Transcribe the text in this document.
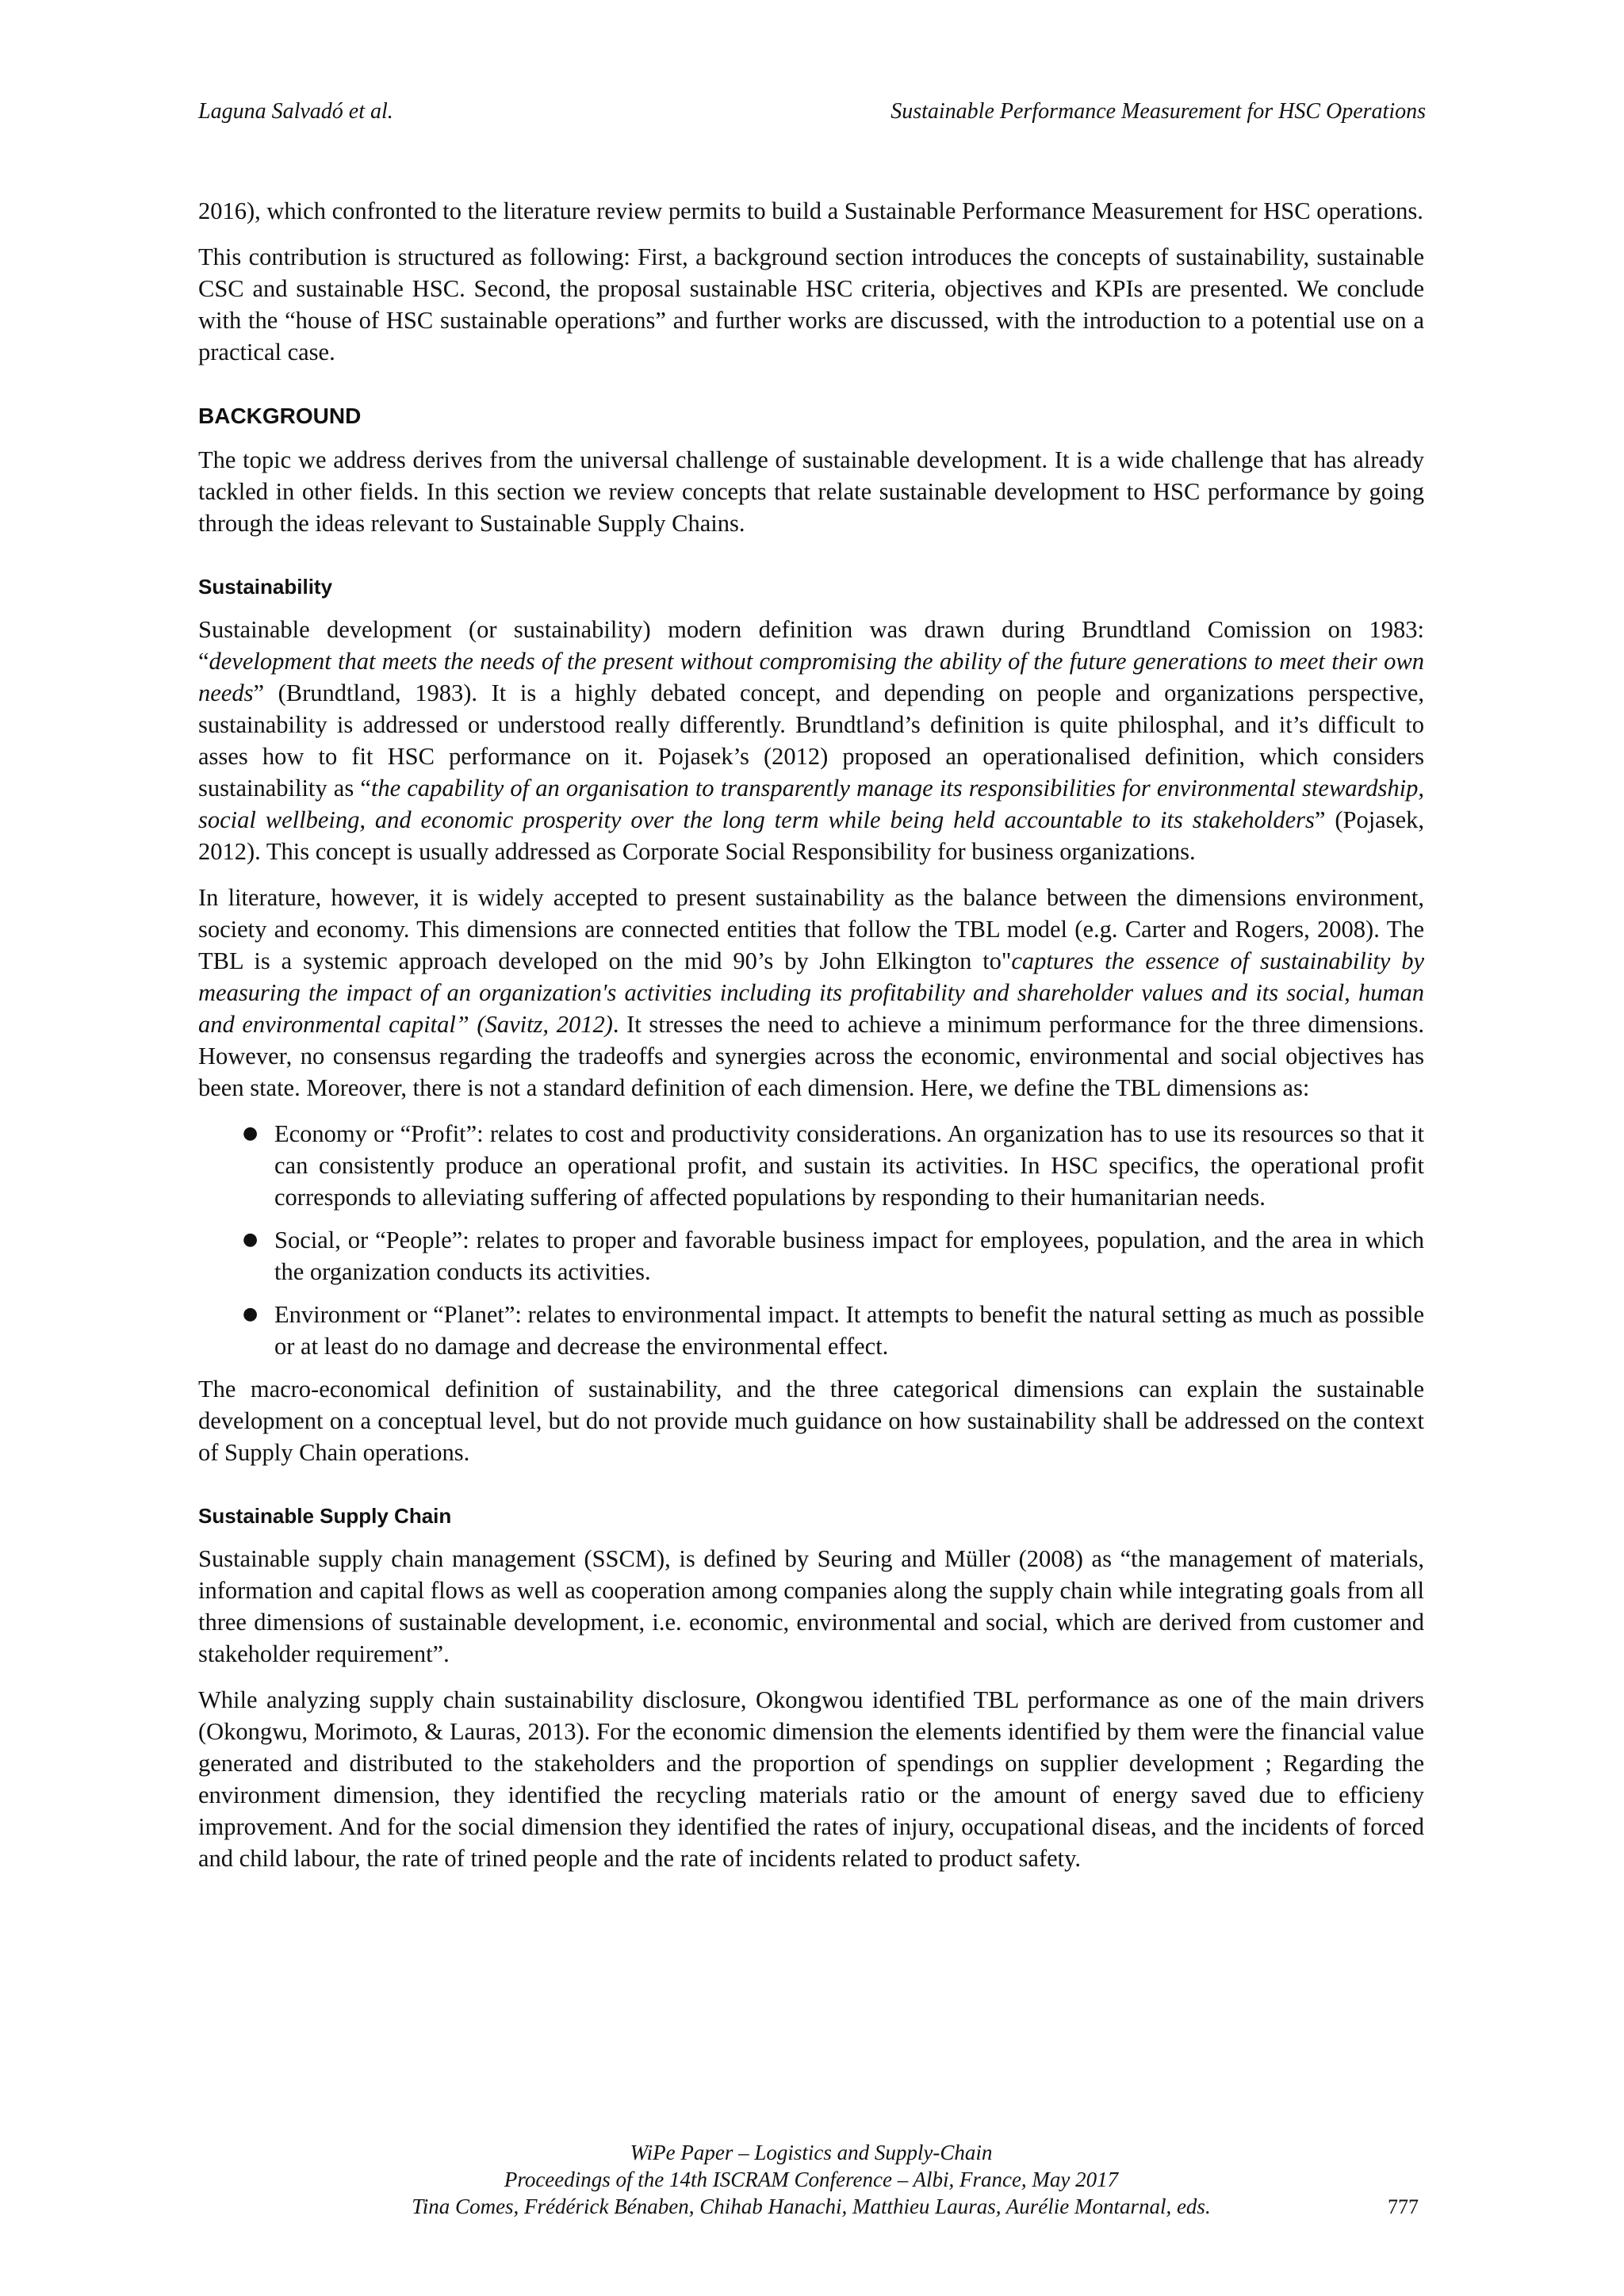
Laguna Salvadó et al.	Sustainable Performance Measurement for HSC Operations

2016), which confronted to the literature review permits to build a Sustainable Performance Measurement for HSC operations.

This contribution is structured as following: First, a background section introduces the concepts of sustainability, sustainable CSC and sustainable HSC. Second, the proposal sustainable HSC criteria, objectives and KPIs are presented. We conclude with the “house of HSC sustainable operations” and further works are discussed, with the introduction to a potential use on a practical case.

BACKGROUND

The topic we address derives from the universal challenge of sustainable development. It is a wide challenge that has already tackled in other fields. In this section we review concepts that relate sustainable development to HSC performance by going through the ideas relevant to Sustainable Supply Chains.

Sustainability

Sustainable development (or sustainability) modern definition was drawn during Brundtland Comission on 1983: “development that meets the needs of the present without compromising the ability of the future generations to meet their own needs” (Brundtland, 1983). It is a highly debated concept, and depending on people and organizations perspective, sustainability is addressed or understood really differently. Brundtland’s definition is quite philosphal, and it’s difficult to asses how to fit HSC performance on it. Pojasek’s (2012) proposed an operationalised definition, which considers sustainability as “the capability of an organisation to transparently manage its responsibilities for environmental stewardship, social wellbeing, and economic prosperity over the long term while being held accountable to its stakeholders” (Pojasek, 2012). This concept is usually addressed as Corporate Social Responsibility for business organizations.

In literature, however, it is widely accepted to present sustainability as the balance between the dimensions environment, society and economy. This dimensions are connected entities that follow the TBL model (e.g. Carter and Rogers, 2008). The TBL is a systemic approach developed on the mid 90’s by John Elkington to"captures the essence of sustainability by measuring the impact of an organization's activities including its profitability and shareholder values and its social, human and environmental capital” (Savitz, 2012). It stresses the need to achieve a minimum performance for the three dimensions. However, no consensus regarding the tradeoffs and synergies across the economic, environmental and social objectives has been state. Moreover, there is not a standard definition of each dimension. Here, we define the TBL dimensions as:

● Economy or “Profit”: relates to cost and productivity considerations. An organization has to use its resources so that it can consistently produce an operational profit, and sustain its activities. In HSC specifics, the operational profit corresponds to alleviating suffering of affected populations by responding to their humanitarian needs.
● Social, or “People”: relates to proper and favorable business impact for employees, population, and the area in which the organization conducts its activities.
● Environment or “Planet”: relates to environmental impact. It attempts to benefit the natural setting as much as possible or at least do no damage and decrease the environmental effect.

The macro-economical definition of sustainability, and the three categorical dimensions can explain the sustainable development on a conceptual level, but do not provide much guidance on how sustainability shall be addressed on the context of Supply Chain operations.

Sustainable Supply Chain

Sustainable supply chain management (SSCM), is defined by Seuring and Müller (2008) as “the management of materials, information and capital flows as well as cooperation among companies along the supply chain while integrating goals from all three dimensions of sustainable development, i.e. economic, environmental and social, which are derived from customer and stakeholder requirement”.

While analyzing supply chain sustainability disclosure, Okongwou identified TBL performance as one of the main drivers (Okongwu, Morimoto, & Lauras, 2013). For the economic dimension the elements identified by them were the financial value generated and distributed to the stakeholders and the proportion of spendings on supplier development ; Regarding the environment dimension, they identified the recycling materials ratio or the amount of energy saved due to efficieny improvement. And for the social dimension they identified the rates of injury, occupational diseas, and the incidents of forced and child labour, the rate of trined people and the rate of incidents related to product safety.

WiPe Paper – Logistics and Supply-Chain
Proceedings of the 14th ISCRAM Conference – Albi, France, May 2017
Tina Comes, Frédérick Bénaben, Chihab Hanachi, Matthieu Lauras, Aurélie Montarnal, eds.	777
